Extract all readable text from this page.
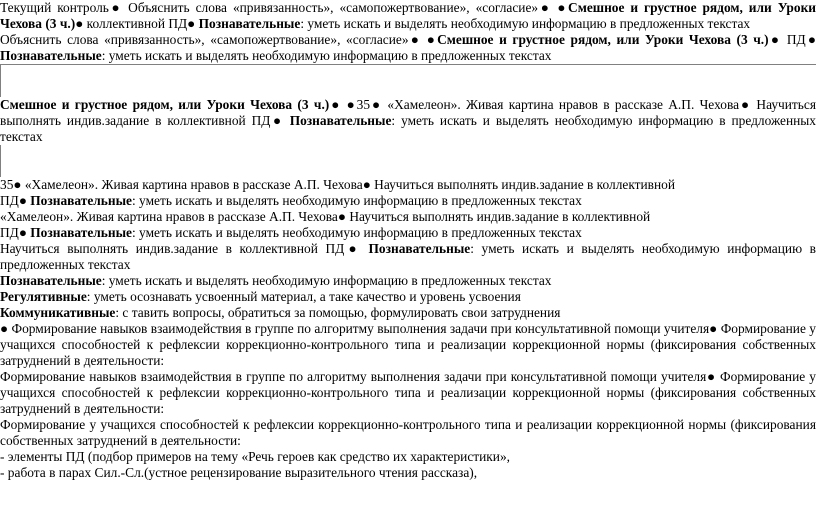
Текущий контроль● Объяснить слова «привязанность», «самопожертвование», «согласие»● ●Смешное и грустное рядом, или Уроки Чехова (3 ч.)● коллективной ПД● Познавательные: уметь искать и выделять необходимую информацию в предложенных текстах
Объяснить слова «привязанность», «самопожертвование», «согласие»● ●Смешное и грустное рядом, или Уроки Чехова (3 ч.)● ПД● Познавательные: уметь искать и выделять необходимую информацию в предложенных текстах
Смешное и грустное рядом, или Уроки Чехова (3 ч.)● ●35● «Хамелеон». Живая картина нравов в рассказе А.П. Чехова● Научиться выполнять индив.задание в коллективной ПД● Познавательные: уметь искать и выделять необходимую информацию в предложенных текстах
35● «Хамелеон». Живая картина нравов в рассказе А.П. Чехова● Научиться выполнять индив.задание в коллективной
ПД● Познавательные: уметь искать и выделять необходимую информацию в предложенных текстах
«Хамелеон». Живая картина нравов в рассказе А.П. Чехова● Научиться выполнять индив.задание в коллективной
ПД● Познавательные: уметь искать и выделять необходимую информацию в предложенных текстах
Научиться выполнять индив.задание в коллективной ПД● Познавательные: уметь искать и выделять необходимую информацию в предложенных текстах
Познавательные: уметь искать и выделять необходимую информацию в предложенных текстах
Регулятивные: уметь осознавать усвоенный материал, а таке качество и уровень усвоения
Коммуникативные: с тавить вопросы, обратиться за помощью, формулировать свои затруднения
● Формирование навыков взаимодействия в группе по алгоритму выполнения задачи при консультативной помощи учителя● Формирование у учащихся способностей к рефлексии коррекционно-контрольного типа и реализации коррекционной нормы (фиксирования собственных затруднений в деятельности:
Формирование навыков взаимодействия в группе по алгоритму выполнения задачи при консультативной помощи учителя● Формирование у учащихся способностей к рефлексии коррекционно-контрольного типа и реализации коррекционной нормы (фиксирования собственных затруднений в деятельности:
Формирование у учащихся способностей к рефлексии коррекционно-контрольного типа и реализации коррекционной нормы (фиксирования собственных затруднений в деятельности:
- элементы ПД (подбор примеров на тему «Речь героев как средство их характеристики»,
- работа в парах Сил.-Сл.(устное рецензирование выразительного чтения рассказа),
